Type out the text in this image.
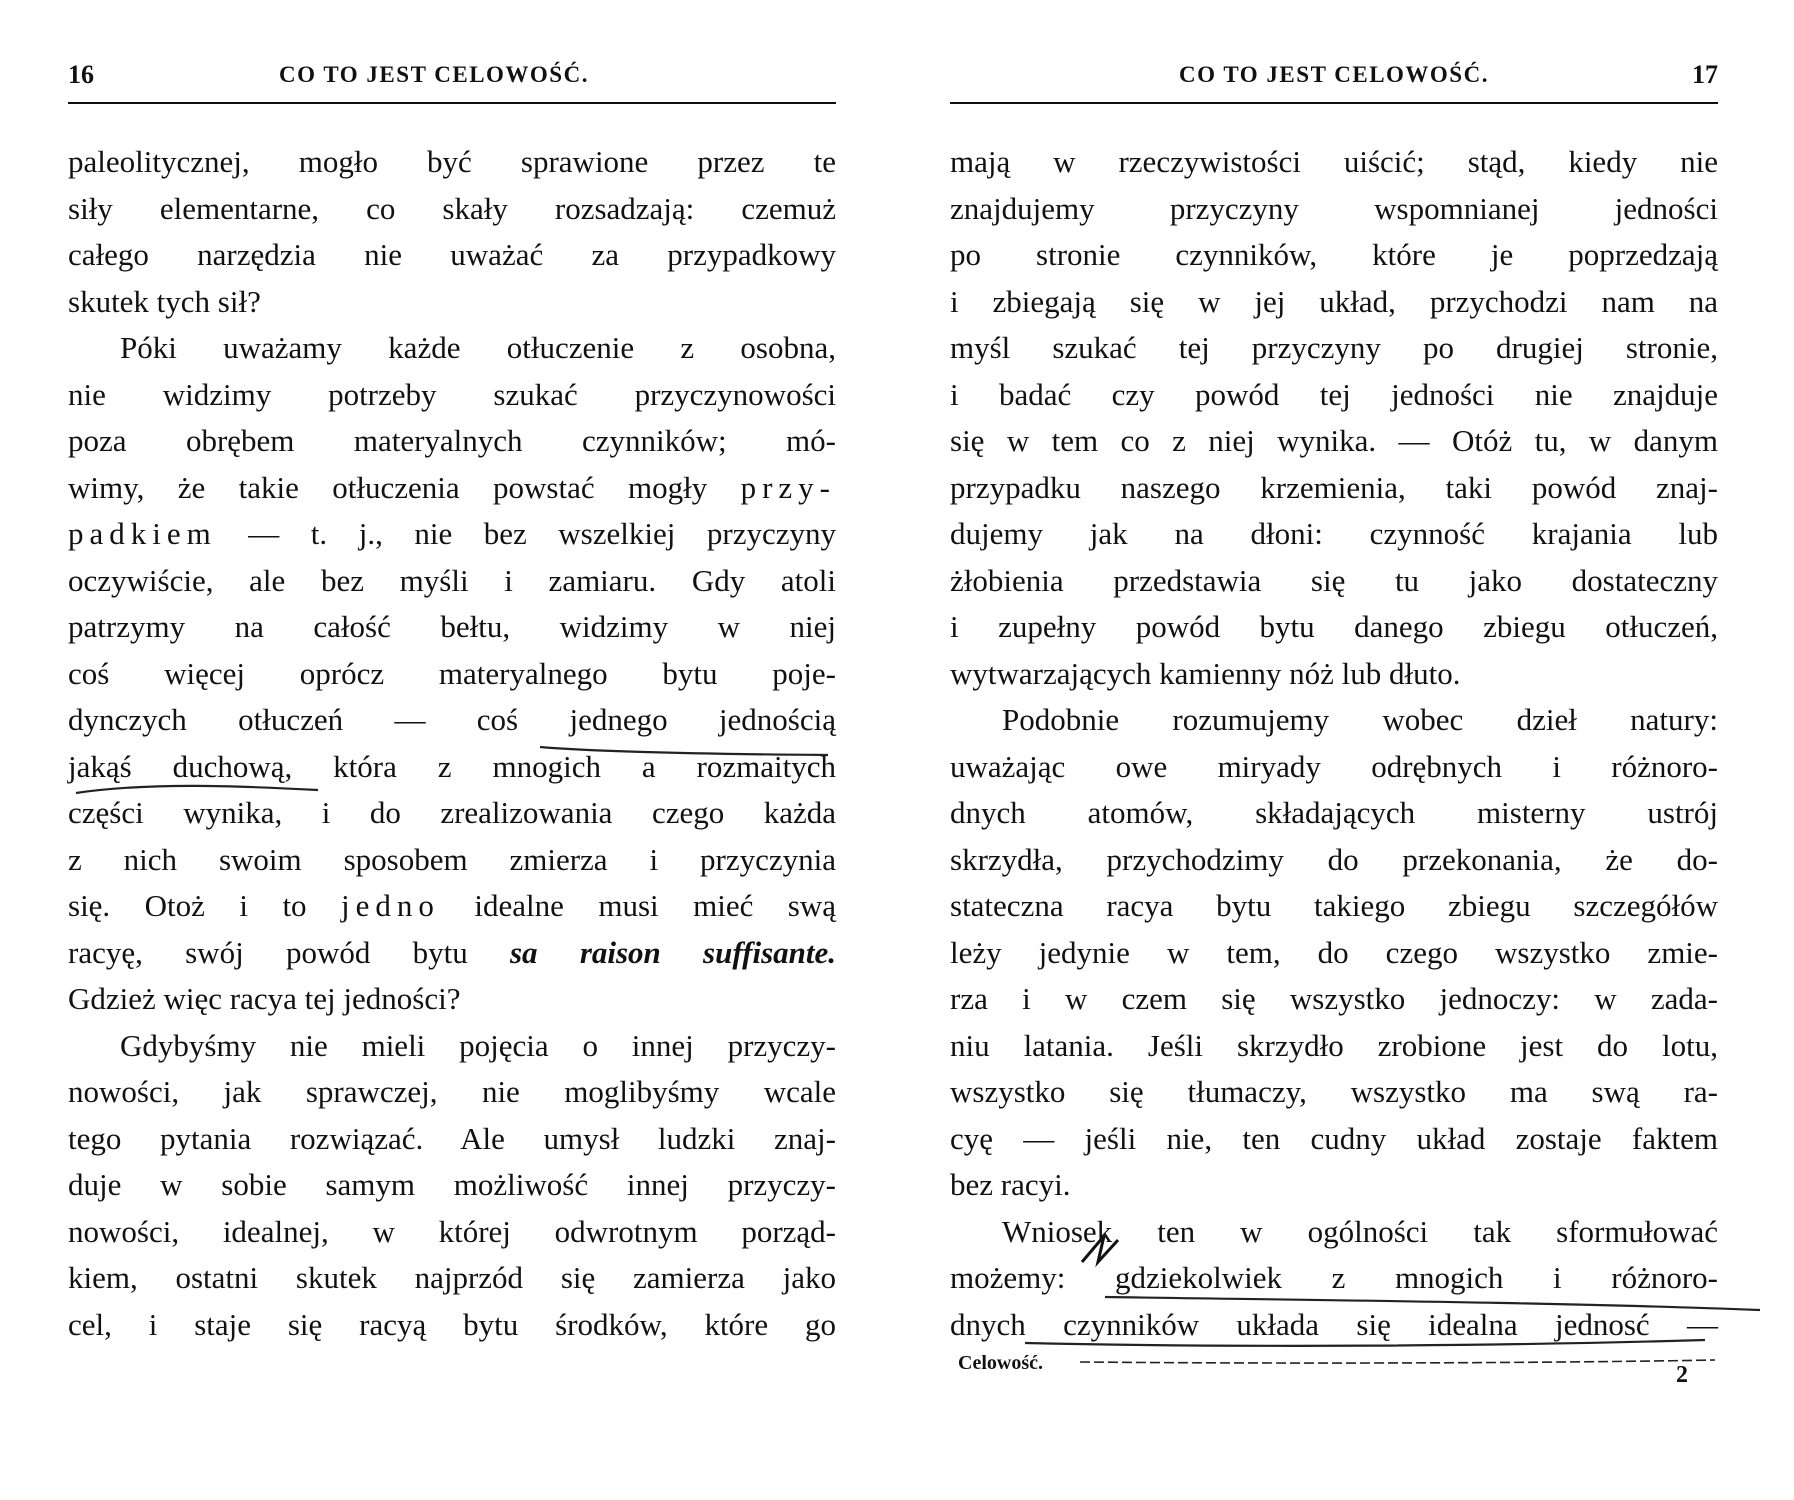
16	CO TO JEST CELOWOŚĆ.
paleolitycznej, mogło być sprawione przez te
siły elementarne, co skały rozsadzają: czemuż
całego narzędzia nie uważać za przypadkowy
skutek tych sił?
Póki uważamy każde otłuczenie z osobna,
nie widzimy potrzeby szukać przyczynowości
poza obrębem materyalnych czynników; mó-
wimy, że takie otłuczenia powstać mogły przy-
padkiem — t. j., nie bez wszelkiej przyczyny
oczywiście, ale bez myśli i zamiaru. Gdy atoli
patrzymy na całość bełtu, widzimy w niej
coś więcej oprócz materyalnego bytu poje-
dynczych otłuczeń — coś jednego jednością
jakąś duchową, która z mnogich a rozmaitych
części wynika, i do zrealizowania czego każda
z nich swoim sposobem zmierza i przyczynia
się. Otoż i to jedno idealne musi mieć swą
racyę, swój powód bytu sa raison suffisante.
Gdzież więc racya tej jedności?
Gdybyśmy nie mieli pojęcia o innej przyczy-
nowości, jak sprawczej, nie moglibyśmy wcale
tego pytania rozwiązać. Ale umysł ludzki znaj-
duje w sobie samym możliwość innej przyczy-
nowości, idealnej, w której odwrotnym porząd-
kiem, ostatni skutek najprzód się zamierza jako
cel, i staje się racyą bytu środków, które go
CO TO JEST CELOWOŚĆ.	17
mają w rzeczywistości uiścić; stąd, kiedy nie
znajdujemy przyczyny wspomnianej jedności
po stronie czynników, które je poprzedzają
i zbiegają się w jej układ, przychodzi nam na
myśl szukać tej przyczyny po drugiej stronie,
i badać czy powód tej jedności nie znajduje
się w tem co z niej wynika. — Otóż tu, w danym
przypadku naszego krzemienia, taki powód znaj-
dujemy jak na dłoni: czynność krajania lub
żłobienia przedstawia się tu jako dostateczny
i zupełny powód bytu danego zbiegu otłuczeń,
wytwarzających kamienny nóż lub dłuto.
Podobnie rozumujemy wobec dzieł natury:
uważając owe miryady odrębnych i różnoro-
dnych atomów, składających misterny ustrój
skrzydła, przychodzimy do przekonania, że do-
stateczna racya bytu takiego zbiegu szczegółów
leży jedynie w tem, do czego wszystko zmie-
rza i w czem się wszystko jednoczy: w zada-
niu latania. Jeśli skrzydło zrobione jest do lotu,
wszystko się tłumaczy, wszystko ma swą ra-
cyę — jeśli nie, ten cudny układ zostaje faktem
bez racyi.
Wniosek ten w ogólności tak sformułować
możemy: gdziekolwiek z mnogich i różnoro-
dnych czynników układa się idealna jednosć —
Celowość.	2
